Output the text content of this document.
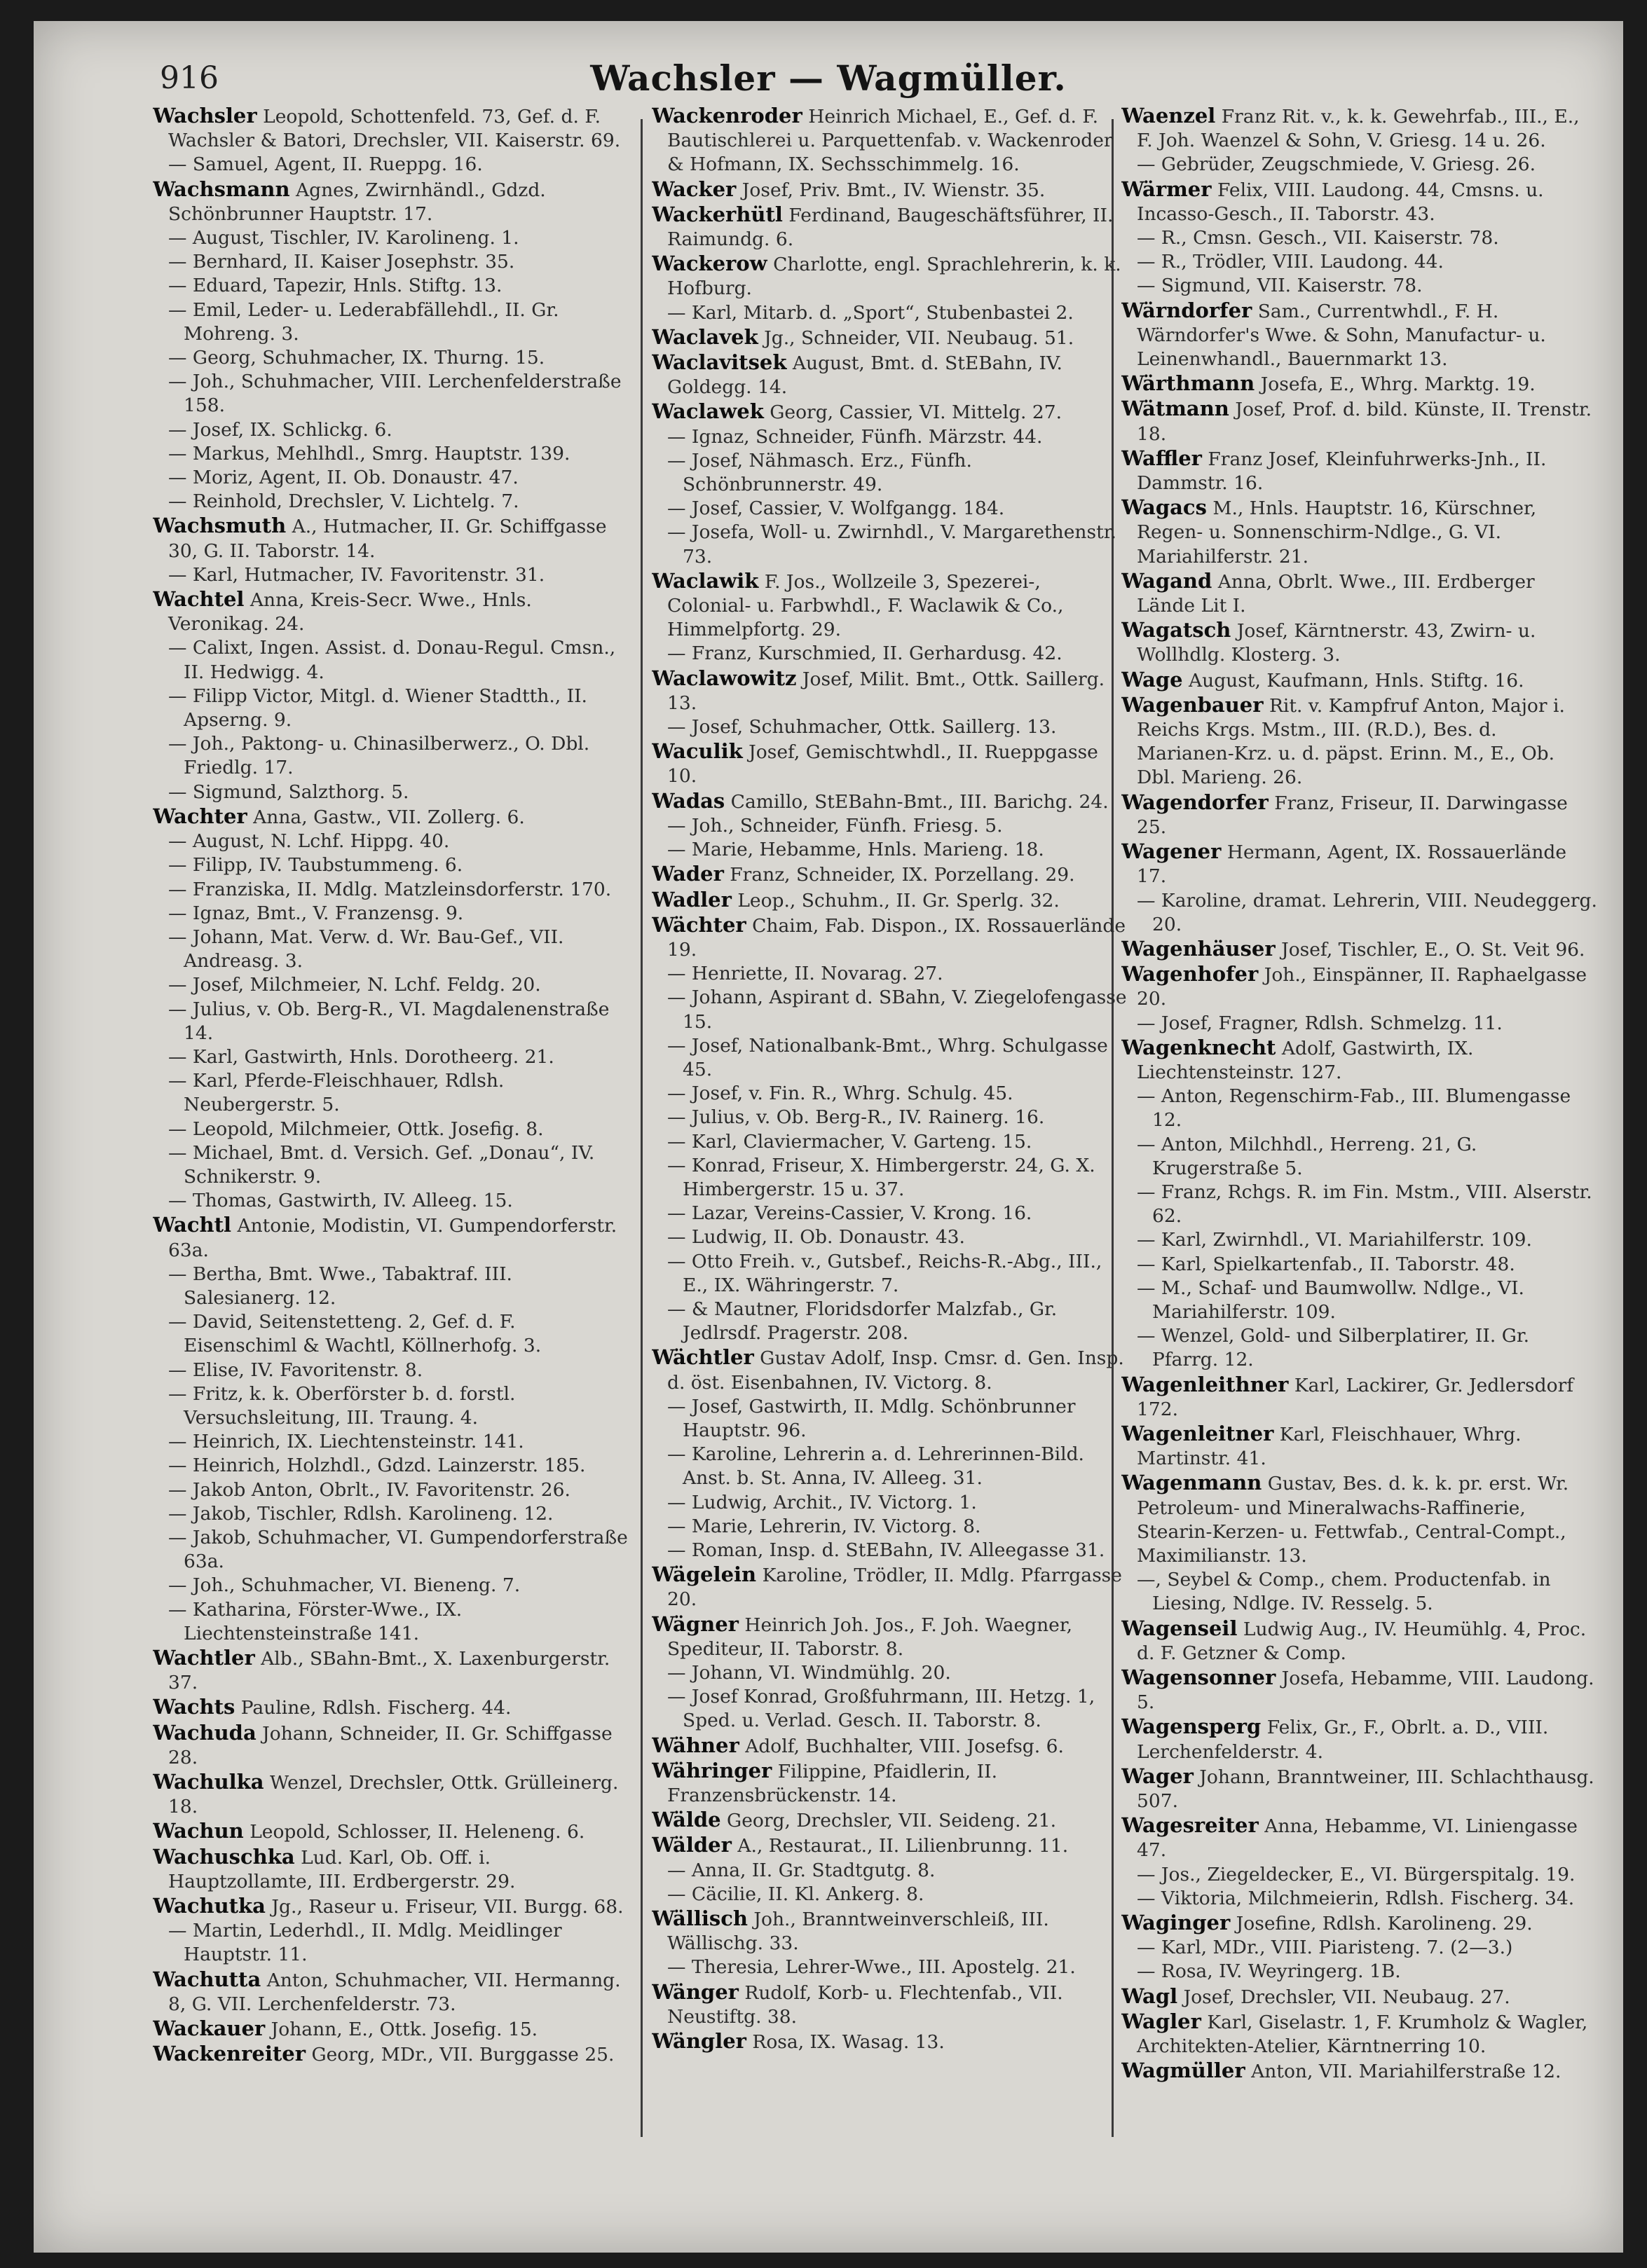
916	Wachsler — Wagmüller.
Wachsler Leopold, Schottenfeld. 73, Gef. d. F. Wachsler & Batori, Drechsler, VII. Kaiserstr. 69.
— Samuel, Agent, II. Rueppg. 16.
Wachsmann Agnes, Zwirnhändl., Gdzd. Schönbrunner Hauptstr. 17.
— August, Tischler, IV. Karolineng. 1.
— Bernhard, II. Kaiser Josephstr. 35.
— Eduard, Tapezir, Hnls. Stiftg. 13.
— Emil, Leder- u. Lederabfällehdl., II. Gr. Mohreng. 3.
— Georg, Schuhmacher, IX. Thurng. 15.
— Joh., Schuhmacher, VIII. Lerchenfelderstraße 158.
— Josef, IX. Schlickg. 6.
— Markus, Mehlhdl., Smrg. Hauptstr. 139.
— Moriz, Agent, II. Ob. Donaustr. 47.
— Reinhold, Drechsler, V. Lichtelg. 7.
Wachsmuth A., Hutmacher, II. Gr. Schiffgasse 30, G. II. Taborstr. 14.
— Karl, Hutmacher, IV. Favoritenstr. 31.
Wachtel Anna, Kreis-Secr. Wwe., Hnls. Veronikag. 24.
— Calixt, Ingen. Assist. d. Donau-Regul. Cmsn., II. Hedwigg. 4.
— Filipp Victor, Mitgl. d. Wiener Stadtth., II. Apserng. 9.
— Joh., Paktong- u. Chinasilberwerz., O. Dbl. Friedlg. 17.
— Sigmund, Salzthorg. 5.
Wachter Anna, Gastw., VII. Zollerg. 6.
— August, N. Lchf. Hippg. 40.
— Filipp, IV. Taubstummeng. 6.
— Franziska, II. Mdlg. Matzleinsdorferstr. 170.
— Ignaz, Bmt., V. Franzensg. 9.
— Johann, Mat. Verw. d. Wr. Bau-Gef., VII. Andreasg. 3.
— Josef, Milchmeier, N. Lchf. Feldg. 20.
— Julius, v. Ob. Berg-R., VI. Magdalenenstraße 14.
— Karl, Gastwirth, Hnls. Dorotheerg. 21.
— Karl, Pferde-Fleischhauer, Rdlsh. Neubergerstr. 5.
— Leopold, Milchmeier, Ottk. Josefig. 8.
— Michael, Bmt. d. Versich. Gef. „Donau“, IV. Schnikerstr. 9.
— Thomas, Gastwirth, IV. Alleeg. 15.
Wachtl Antonie, Modistin, VI. Gumpendorferstr. 63a.
— Bertha, Bmt. Wwe., Tabaktraf. III. Salesianerg. 12.
— David, Seitenstetteng. 2, Gef. d. F. Eisenschiml & Wachtl, Köllnerhofg. 3.
— Elise, IV. Favoritenstr. 8.
— Fritz, k. k. Oberförster b. d. forstl. Versuchsleitung, III. Traung. 4.
— Heinrich, IX. Liechtensteinstr. 141.
— Heinrich, Holzhdl., Gdzd. Lainzerstr. 185.
— Jakob Anton, Obrlt., IV. Favoritenstr. 26.
— Jakob, Tischler, Rdlsh. Karolineng. 12.
— Jakob, Schuhmacher, VI. Gumpendorferstraße 63a.
— Joh., Schuhmacher, VI. Bieneng. 7.
— Katharina, Förster-Wwe., IX. Liechtensteinstraße 141.
Wachtler Alb., SBahn-Bmt., X. Laxenburgerstr. 37.
Wachts Pauline, Rdlsh. Fischerg. 44.
Wachuda Johann, Schneider, II. Gr. Schiffgasse 28.
Wachulka Wenzel, Drechsler, Ottk. Grülleinerg. 18.
Wachun Leopold, Schlosser, II. Heleneng. 6.
Wachuschka Lud. Karl, Ob. Off. i. Hauptzollamte, III. Erdbergerstr. 29.
Wachutka Jg., Raseur u. Friseur, VII. Burgg. 68.
— Martin, Lederhdl., II. Mdlg. Meidlinger Hauptstr. 11.
Wachutta Anton, Schuhmacher, VII. Hermanng. 8, G. VII. Lerchenfelderstr. 73.
Wackauer Johann, E., Ottk. Josefig. 15.
Wackenreiter Georg, MDr., VII. Burggasse 25.
Wackenroder Heinrich Michael, E., Gef. d. F. Bautischlerei u. Parquettenfab. v. Wackenroder & Hofmann, IX. Sechsschimmelg. 16.
Wacker Josef, Priv. Bmt., IV. Wienstr. 35.
Wackerhütl Ferdinand, Baugeschäftsführer, II. Raimundg. 6.
Wackerow Charlotte, engl. Sprachlehrerin, k. k. Hofburg.
— Karl, Mitarb. d. „Sport“, Stubenbastei 2.
Waclavek Jg., Schneider, VII. Neubaug. 51.
Waclavitsek August, Bmt. d. StEBahn, IV. Goldegg. 14.
Waclawek Georg, Cassier, VI. Mittelg. 27.
— Ignaz, Schneider, Fünfh. Märzstr. 44.
— Josef, Nähmasch. Erz., Fünfh. Schönbrunnerstr. 49.
— Josef, Cassier, V. Wolfgangg. 184.
— Josefa, Woll- u. Zwirnhdl., V. Margarethenstr. 73.
Waclawik F. Jos., Wollzeile 3, Spezerei-, Colonial- u. Farbwhdl., F. Waclawik & Co., Himmelpfortg. 29.
— Franz, Kurschmied, II. Gerhardusg. 42.
Waclawowitz Josef, Milit. Bmt., Ottk. Saillerg. 13.
— Josef, Schuhmacher, Ottk. Saillerg. 13.
Waculik Josef, Gemischtwhdl., II. Rueppgasse 10.
Wadas Camillo, StEBahn-Bmt., III. Barichg. 24.
— Joh., Schneider, Fünfh. Friesg. 5.
— Marie, Hebamme, Hnls. Marieng. 18.
Wader Franz, Schneider, IX. Porzellang. 29.
Wadler Leop., Schuhm., II. Gr. Sperlg. 32.
Wächter Chaim, Fab. Dispon., IX. Rossauerlände 19.
— Henriette, II. Novarag. 27.
— Johann, Aspirant d. SBahn, V. Ziegelofengasse 15.
— Josef, Nationalbank-Bmt., Whrg. Schulgasse 45.
— Josef, v. Fin. R., Whrg. Schulg. 45.
— Julius, v. Ob. Berg-R., IV. Rainerg. 16.
— Karl, Claviermacher, V. Garteng. 15.
— Konrad, Friseur, X. Himbergerstr. 24, G. X. Himbergerstr. 15 u. 37.
— Lazar, Vereins-Cassier, V. Krong. 16.
— Ludwig, II. Ob. Donaustr. 43.
— Otto Freih. v., Gutsbef., Reichs-R.-Abg., III., E., IX. Währingerstr. 7.
— & Mautner, Floridsdorfer Malzfab., Gr. Jedlrsdf. Pragerstr. 208.
Wächtler Gustav Adolf, Insp. Cmsr. d. Gen. Insp. d. öst. Eisenbahnen, IV. Victorg. 8.
— Josef, Gastwirth, II. Mdlg. Schönbrunner Hauptstr. 96.
— Karoline, Lehrerin a. d. Lehrerinnen-Bild. Anst. b. St. Anna, IV. Alleeg. 31.
— Ludwig, Archit., IV. Victorg. 1.
— Marie, Lehrerin, IV. Victorg. 8.
— Roman, Insp. d. StEBahn, IV. Alleegasse 31.
Wägelein Karoline, Trödler, II. Mdlg. Pfarrgasse 20.
Wägner Heinrich Joh. Jos., F. Joh. Waegner, Spediteur, II. Taborstr. 8.
— Johann, VI. Windmühlg. 20.
— Josef Konrad, Großfuhrmann, III. Hetzg. 1, Sped. u. Verlad. Gesch. II. Taborstr. 8.
Wähner Adolf, Buchhalter, VIII. Josefsg. 6.
Währinger Filippine, Pfaidlerin, II. Franzensbrückenstr. 14.
Wälde Georg, Drechsler, VII. Seideng. 21.
Wälder A., Restaurat., II. Lilienbrunng. 11.
— Anna, II. Gr. Stadtgutg. 8.
— Cäcilie, II. Kl. Ankerg. 8.
Wällisch Joh., Branntweinverschleiß, III. Wällischg. 33.
— Theresia, Lehrer-Wwe., III. Apostelg. 21.
Wänger Rudolf, Korb- u. Flechtenfab., VII. Neustiftg. 38.
Wängler Rosa, IX. Wasag. 13.
Waenzel Franz Rit. v., k. k. Gewehrfab., III., E., F. Joh. Waenzel & Sohn, V. Griesg. 14 u. 26.
— Gebrüder, Zeugschmiede, V. Griesg. 26.
Wärmer Felix, VIII. Laudong. 44, Cmsns. u. Incasso-Gesch., II. Taborstr. 43.
— R., Cmsn. Gesch., VII. Kaiserstr. 78.
— R., Trödler, VIII. Laudong. 44.
— Sigmund, VII. Kaiserstr. 78.
Wärndorfer Sam., Currentwhdl., F. H. Wärndorfer's Wwe. & Sohn, Manufactur- u. Leinenwhandl., Bauernmarkt 13.
Wärthmann Josefa, E., Whrg. Marktg. 19.
Wätmann Josef, Prof. d. bild. Künste, II. Trenstr. 18.
Waffler Franz Josef, Kleinfuhrwerks-Jnh., II. Dammstr. 16.
Wagacs M., Hnls. Hauptstr. 16, Kürschner, Regen- u. Sonnenschirm-Ndlge., G. VI. Mariahilferstr. 21.
Wagand Anna, Obrlt. Wwe., III. Erdberger Lände Lit I.
Wagatsch Josef, Kärntnerstr. 43, Zwirn- u. Wollhdlg. Klosterg. 3.
Wage August, Kaufmann, Hnls. Stiftg. 16.
Wagenbauer Rit. v. Kampfruf Anton, Major i. Reichs Krgs. Mstm., III. (R.D.), Bes. d. Marianen-Krz. u. d. päpst. Erinn. M., E., Ob. Dbl. Marieng. 26.
Wagendorfer Franz, Friseur, II. Darwingasse 25.
Wagener Hermann, Agent, IX. Rossauerlände 17.
— Karoline, dramat. Lehrerin, VIII. Neudeggerg. 20.
Wagenhäuser Josef, Tischler, E., O. St. Veit 96.
Wagenhofer Joh., Einspänner, II. Raphaelgasse 20.
— Josef, Fragner, Rdlsh. Schmelzg. 11.
Wagenknecht Adolf, Gastwirth, IX. Liechtensteinstr. 127.
— Anton, Regenschirm-Fab., III. Blumengasse 12.
— Anton, Milchhdl., Herreng. 21, G. Krugerstraße 5.
— Franz, Rchgs. R. im Fin. Mstm., VIII. Alserstr. 62.
— Karl, Zwirnhdl., VI. Mariahilferstr. 109.
— Karl, Spielkartenfab., II. Taborstr. 48.
— M., Schaf- und Baumwollw. Ndlge., VI. Mariahilferstr. 109.
— Wenzel, Gold- und Silberplatirer, II. Gr. Pfarrg. 12.
Wagenleithner Karl, Lackirer, Gr. Jedlersdorf 172.
Wagenleitner Karl, Fleischhauer, Whrg. Martinstr. 41.
Wagenmann Gustav, Bes. d. k. k. pr. erst. Wr. Petroleum- und Mineralwachs-Raffinerie, Stearin-Kerzen- u. Fettwfab., Central-Compt., Maximilianstr. 13.
—, Seybel & Comp., chem. Productenfab. in Liesing, Ndlge. IV. Resselg. 5.
Wagenseil Ludwig Aug., IV. Heumühlg. 4, Proc. d. F. Getzner & Comp.
Wagensonner Josefa, Hebamme, VIII. Laudong. 5.
Wagensperg Felix, Gr., F., Obrlt. a. D., VIII. Lerchenfelderstr. 4.
Wager Johann, Branntweiner, III. Schlachthausg. 507.
Wagesreiter Anna, Hebamme, VI. Liniengasse 47.
— Jos., Ziegeldecker, E., VI. Bürgerspitalg. 19.
— Viktoria, Milchmeierin, Rdlsh. Fischerg. 34.
Waginger Josefine, Rdlsh. Karolineng. 29.
— Karl, MDr., VIII. Piaristeng. 7. (2—3.)
— Rosa, IV. Weyringerg. 1B.
Wagl Josef, Drechsler, VII. Neubaug. 27.
Wagler Karl, Giselastr. 1, F. Krumholz & Wagler, Architekten-Atelier, Kärntnerring 10.
Wagmüller Anton, VII. Mariahilferstraße 12.
